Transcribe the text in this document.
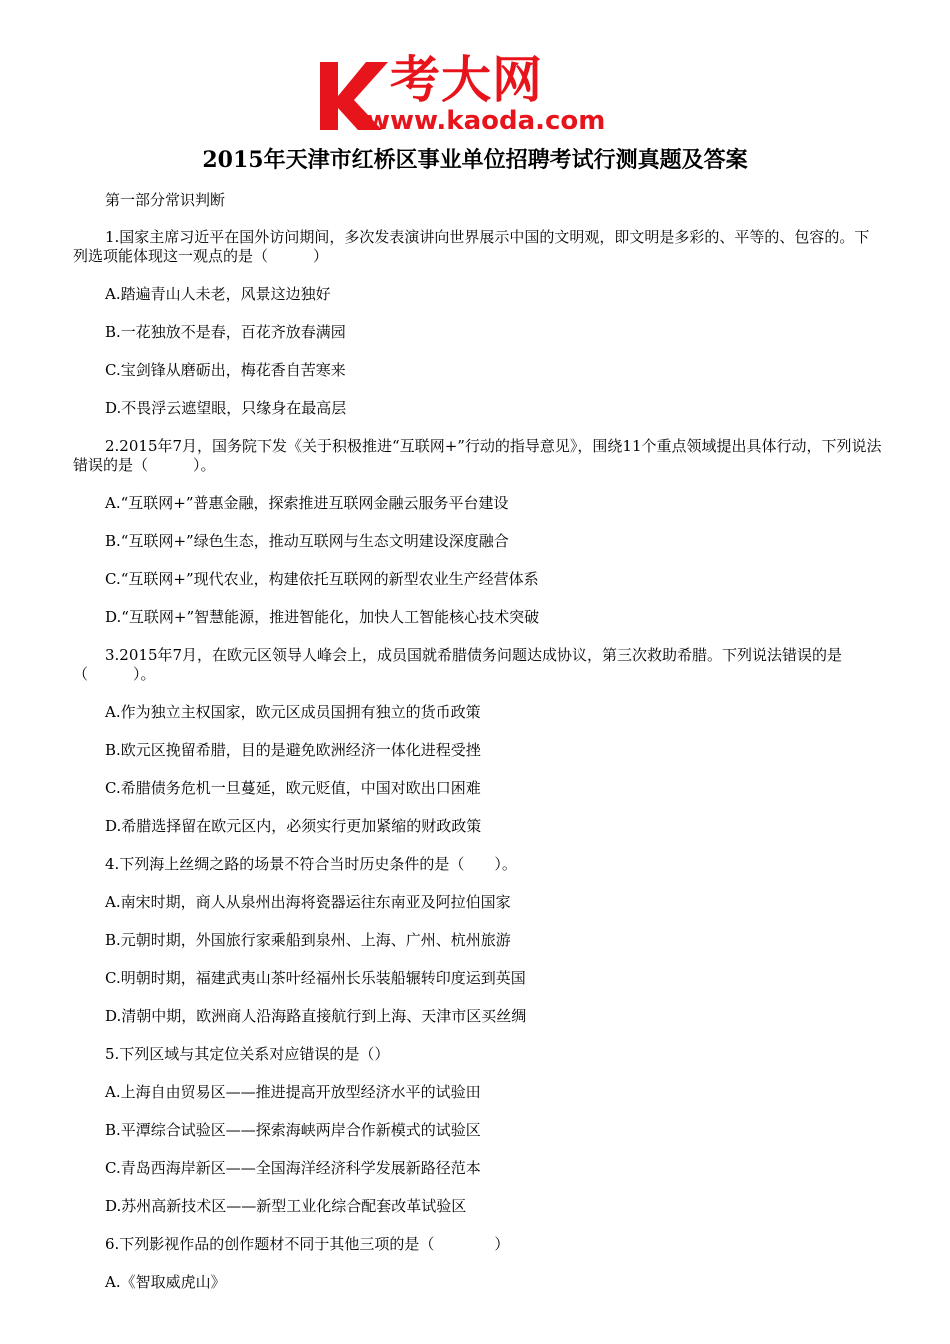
考大网
www.kaoda.com
2015年天津市红桥区事业单位招聘考试行测真题及答案

第一部分常识判断

1.国家主席习近平在国外访问期间，多次发表演讲向世界展示中国的文明观，即文明是多彩的、平等的、包容的。下列选项能体现这一观点的是（　　　）

A.踏遍青山人未老，风景这边独好

B.一花独放不是春，百花齐放春满园

C.宝剑锋从磨砺出，梅花香自苦寒来

D.不畏浮云遮望眼，只缘身在最高层

2.2015年7月，国务院下发《关于积极推进“互联网+”行动的指导意见》，围绕11个重点领域提出具体行动，下列说法错误的是（　　　）。

A.“互联网+”普惠金融，探索推进互联网金融云服务平台建设

B.“互联网+”绿色生态，推动互联网与生态文明建设深度融合

C.“互联网+”现代农业，构建依托互联网的新型农业生产经营体系

D.“互联网+”智慧能源，推进智能化，加快人工智能核心技术突破

3.2015年7月，在欧元区领导人峰会上，成员国就希腊债务问题达成协议，第三次救助希腊。下列说法错误的是（　　　）。

A.作为独立主权国家，欧元区成员国拥有独立的货币政策

B.欧元区挽留希腊，目的是避免欧洲经济一体化进程受挫

C.希腊债务危机一旦蔓延，欧元贬值，中国对欧出口困难

D.希腊选择留在欧元区内，必须实行更加紧缩的财政政策

4.下列海上丝绸之路的场景不符合当时历史条件的是（　　）。

A.南宋时期，商人从泉州出海将瓷器运往东南亚及阿拉伯国家

B.元朝时期，外国旅行家乘船到泉州、上海、广州、杭州旅游

C.明朝时期，福建武夷山茶叶经福州长乐装船辗转印度运到英国

D.清朝中期，欧洲商人沿海路直接航行到上海、天津市区买丝绸

5.下列区域与其定位关系对应错误的是（）

A.上海自由贸易区——推进提高开放型经济水平的试验田

B.平潭综合试验区——探索海峡两岸合作新模式的试验区

C.青岛西海岸新区——全国海洋经济科学发展新路径范本

D.苏州高新技术区——新型工业化综合配套改革试验区

6.下列影视作品的创作题材不同于其他三项的是（　　　　）

A.《智取威虎山》
